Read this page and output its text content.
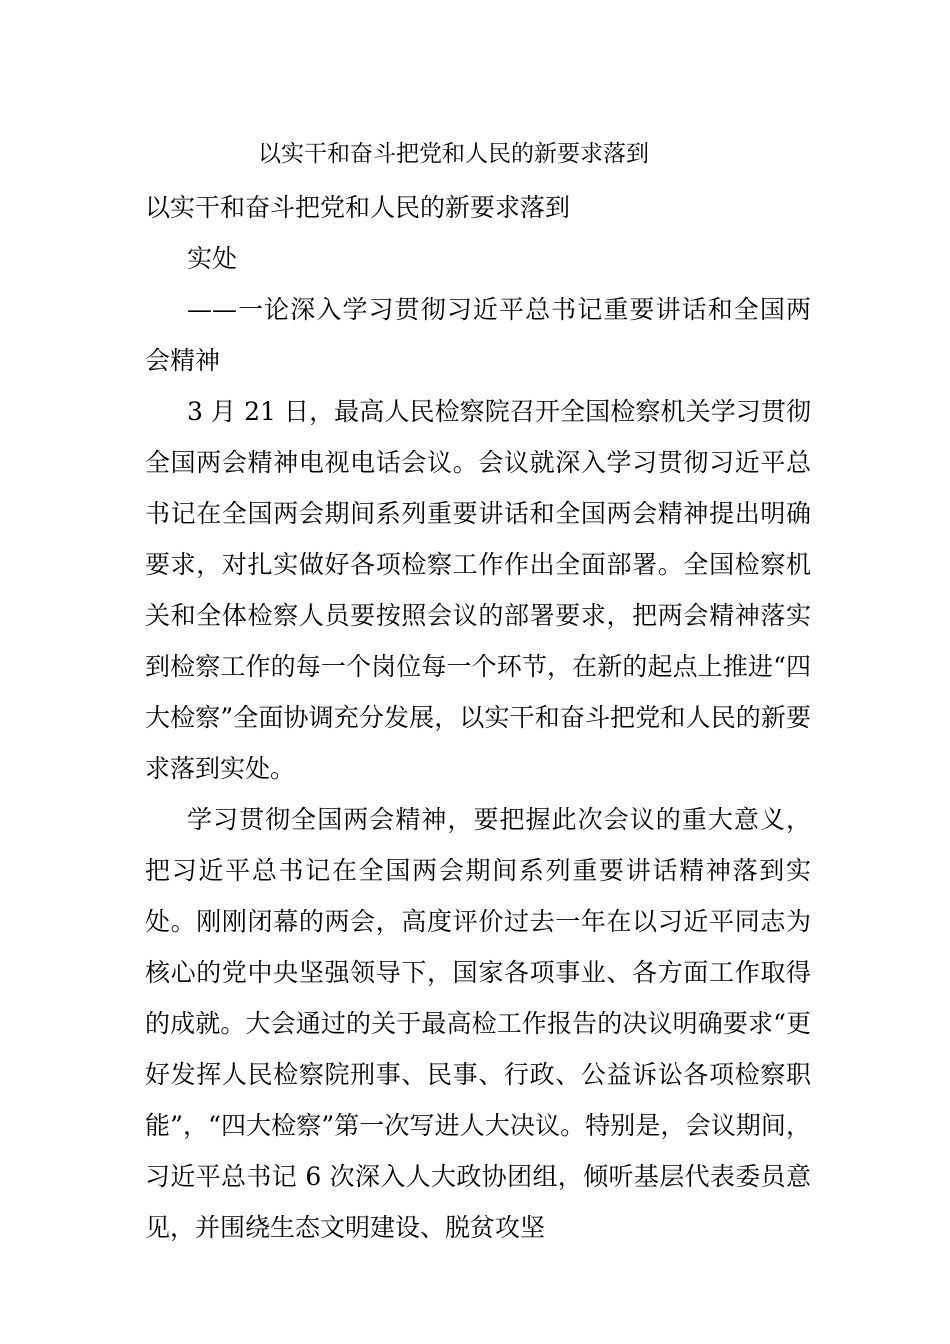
以实干和奋斗把党和人民的新要求落到

以实干和奋斗把党和人民的新要求落到

实处

——一论深入学习贯彻习近平总书记重要讲话和全国两会精神

3 月 21 日，最高人民检察院召开全国检察机关学习贯彻全国两会精神电视电话会议。会议就深入学习贯彻习近平总书记在全国两会期间系列重要讲话和全国两会精神提出明确要求，对扎实做好各项检察工作作出全面部署。全国检察机关和全体检察人员要按照会议的部署要求，把两会精神落实到检察工作的每一个岗位每一个环节，在新的起点上推进“四大检察”全面协调充分发展，以实干和奋斗把党和人民的新要求落到实处。

学习贯彻全国两会精神，要把握此次会议的重大意义，把习近平总书记在全国两会期间系列重要讲话精神落到实处。刚刚闭幕的两会，高度评价过去一年在以习近平同志为核心的党中央坚强领导下，国家各项事业、各方面工作取得的成就。大会通过的关于最高检工作报告的决议明确要求“更好发挥人民检察院刑事、民事、行政、公益诉讼各项检察职能”，“四大检察”第一次写进人大决议。特别是，会议期间，习近平总书记 6 次深入人大政协团组，倾听基层代表委员意见，并围绕生态文明建设、脱贫攻坚
